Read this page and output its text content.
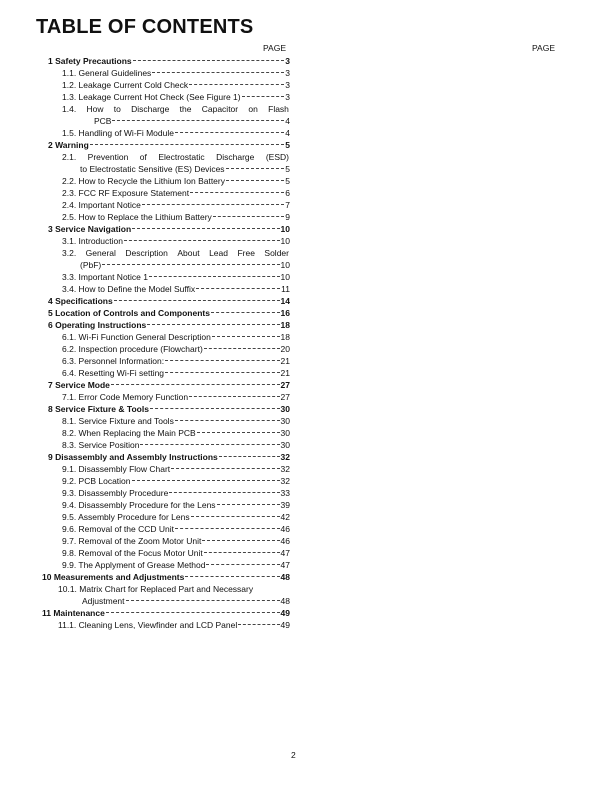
TABLE OF CONTENTS
PAGE	PAGE
1 Safety Precautions	3
1.1. General Guidelines	3
1.2. Leakage Current Cold Check	3
1.3. Leakage Current Hot Check (See Figure 1)	3
1.4. How to Discharge the Capacitor on Flash
PCB	4
1.5. Handling of Wi-Fi Module	4
2 Warning	5
2.1. Prevention of Electrostatic Discharge (ESD)
to Electrostatic Sensitive (ES) Devices	5
2.2. How to Recycle the Lithium Ion Battery	5
2.3. FCC RF Exposure Statement	6
2.4. Important Notice	7
2.5. How to Replace the Lithium Battery	9
3 Service Navigation	10
3.1. Introduction	10
3.2. General Description About Lead Free Solder
(PbF)	10
3.3. Important Notice 1	10
3.4. How to Define the Model Suffix	11
4 Specifications	14
5 Location of Controls and Components	16
6 Operating Instructions	18
6.1. Wi-Fi Function General Description	18
6.2. Inspection procedure (Flowchart)	20
6.3. Personnel Information:	21
6.4. Resetting Wi-Fi setting	21
7 Service Mode	27
7.1. Error Code Memory Function	27
8 Service Fixture & Tools	30
8.1. Service Fixture and Tools	30
8.2. When Replacing the Main PCB	30
8.3. Service Position	30
9 Disassembly and Assembly Instructions	32
9.1. Disassembly Flow Chart	32
9.2. PCB Location	32
9.3. Disassembly Procedure	33
9.4. Disassembly Procedure for the Lens	39
9.5. Assembly Procedure for Lens	42
9.6. Removal of the CCD Unit	46
9.7. Removal of the Zoom Motor Unit	46
9.8. Removal of the Focus Motor Unit	47
9.9. The Applyment of Grease Method	47
10 Measurements and Adjustments	48
10.1. Matrix Chart for Replaced Part and Necessary
Adjustment	48
11 Maintenance	49
11.1. Cleaning Lens, Viewfinder and LCD Panel	49
2
